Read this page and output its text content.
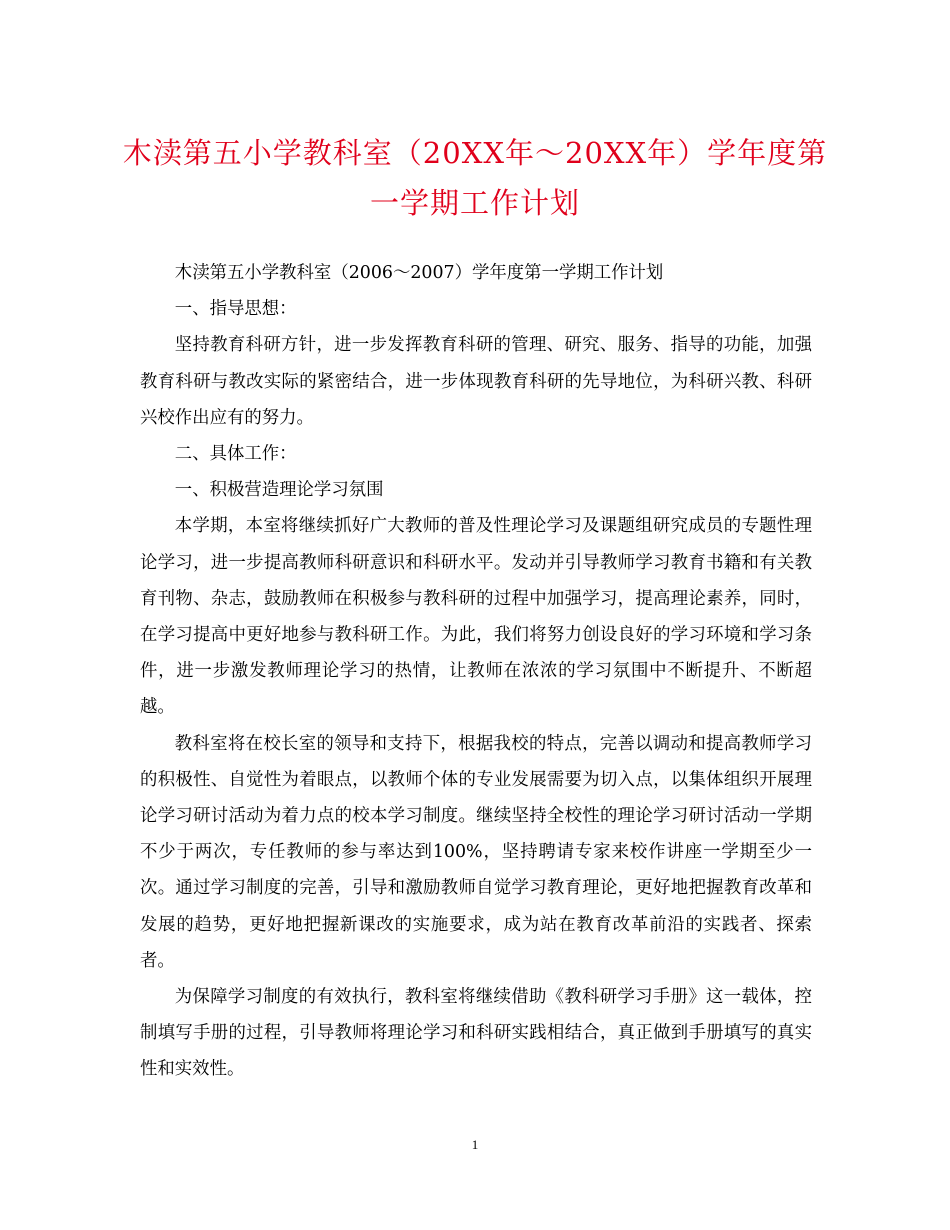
木渎第五小学教科室（20XX年～20XX年）学年度第一学期工作计划

木渎第五小学教科室（2006～2007）学年度第一学期工作计划

一、指导思想：

坚持教育科研方针，进一步发挥教育科研的管理、研究、服务、指导的功能，加强教育科研与教改实际的紧密结合，进一步体现教育科研的先导地位，为科研兴教、科研兴校作出应有的努力。

二、具体工作：

一、积极营造理论学习氛围

本学期，本室将继续抓好广大教师的普及性理论学习及课题组研究成员的专题性理论学习，进一步提高教师科研意识和科研水平。发动并引导教师学习教育书籍和有关教育刊物、杂志，鼓励教师在积极参与教科研的过程中加强学习，提高理论素养，同时，在学习提高中更好地参与教科研工作。为此，我们将努力创设良好的学习环境和学习条件，进一步激发教师理论学习的热情，让教师在浓浓的学习氛围中不断提升、不断超越。

教科室将在校长室的领导和支持下，根据我校的特点，完善以调动和提高教师学习的积极性、自觉性为着眼点，以教师个体的专业发展需要为切入点，以集体组织开展理论学习研讨活动为着力点的校本学习制度。继续坚持全校性的理论学习研讨活动一学期不少于两次，专任教师的参与率达到100%，坚持聘请专家来校作讲座一学期至少一次。通过学习制度的完善，引导和激励教师自觉学习教育理论，更好地把握教育改革和发展的趋势，更好地把握新课改的实施要求，成为站在教育改革前沿的实践者、探索者。

为保障学习制度的有效执行，教科室将继续借助《教科研学习手册》这一载体，控制填写手册的过程，引导教师将理论学习和科研实践相结合，真正做到手册填写的真实性和实效性。

1
